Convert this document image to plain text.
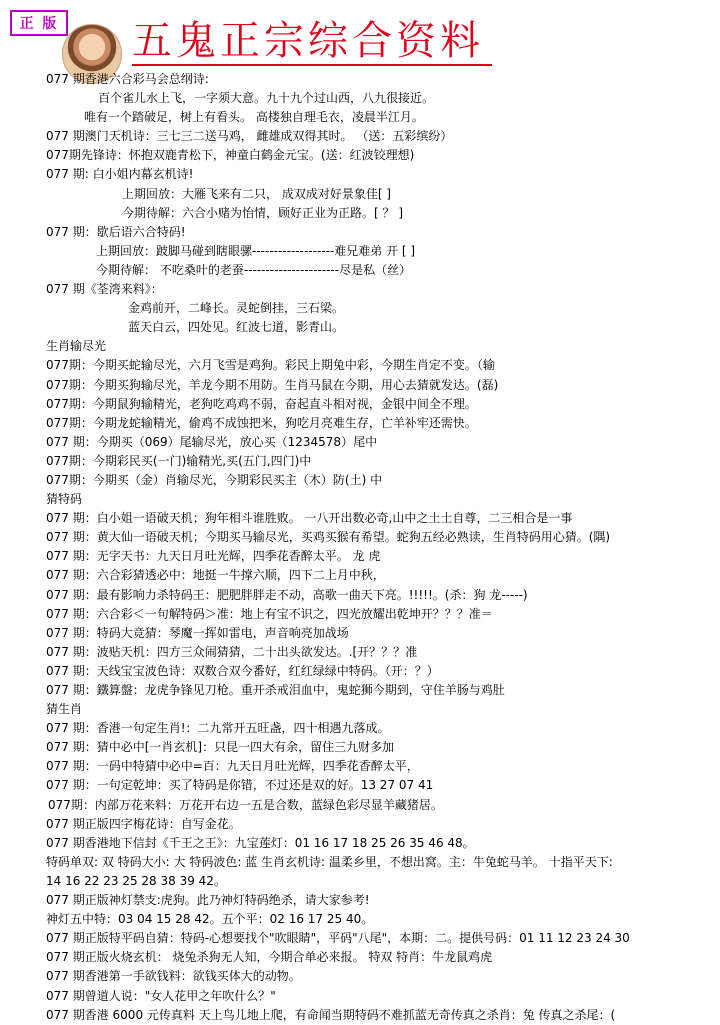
正 版 五鬼正宗综合资料
077 期香港六合彩马会总纲诗:
百个雀儿水上飞，一字须大意。九十九个过山西，八九很接近。
唯有一个踏破足，树上有看头。 高楼独自理毛衣，凌晨半江月。
077 期澳门天机诗：三七三二送马鸡， 雌雄成双得其时。 （送：五彩缤纷）
077期先锋诗：怀抱双鹿青松下，神童白鹤金元宝。(送：红波铰理想)
077 期: 白小姐内幕玄机诗!
上期回放：大雁飞来有二只， 成双成对好景象佳[ ]
今期待解：六合小赌为怡情，顾好正业为正路。[ ？ ]
077 期：歇后语六合特码!
上期回放：跛脚马碰到瞎眼骡-------------------难兄难弟 开 [ ]
今期待解： 不吃桑叶的老蚕----------------------尽是私（丝）
077 期《荃湾来料》：
金鸡前开，二峰长。灵蛇倒挂，三石梁。
蓝天白云，四处见。红波七道，影青山。
生肖输尽光
077期：今期买蛇输尽光，六月飞雪是鸡狗。彩民上期兔中彩，今期生肖定不变。（输
077期：今期买狗输尽光，羊龙今期不用防。生肖马鼠在今期，用心去猜就发达。(磊)
077期：今期鼠狗输精光，老狗吃鸡鸡不弱，奋起直斗相对视，金银中间全不理。
077期：今期龙蛇输精光，偷鸡不成蚀把米，狗吃月亮难生存，亡羊补牢还需快。
077 期：今期买（069）尾输尽光，放心买（1234578）尾中
077期：今期彩民买(一门)输精光,买(五门,四门)中
077期：今期买（金）肖输尽光，今期彩民买主（木）防(土) 中
猜特码
077 期：白小姐一语破天机；狗年相斗谁胜败。 一八开出数必奇,山中之土土自尊，二三相合是一事
077 期：黄大仙一语破天机；今期买马输尽光，买鸡买猴有希望。蛇狗五经必熟读，生肖特码用心猜。(隅)
077 期：无字天书：九天日月吐光辉，四季花香醉太平。 龙 虎
077 期：六合彩猜透必中：地挺一牛撑六顺，四下二上月中秋，
077 期：最有影响力杀特码王：肥肥胖胖走不动，高歌一曲天下亮。!!!!!。(杀：狗 龙-----)
077 期：六合彩＜一句解特码＞准：地上有宝不识之，四光放耀出乾坤开？？？准＝
077 期：特码大竞猜：琴魔一挥如雷电，声音响亮加战场
077 期：波贴天机：四方三众闹猜猜，二十出头欲发达。.[开？？？准
077 期：天线宝宝波色诗：双数合双今番好，红红绿绿中特码。（开：？）
077 期：鐵算盤：龙虎争锋见刀枪。重开杀戒泪血中，鬼蛇狮今期到，守住羊肠与鸡肚
猜生肖
077 期：香港一句定生肖!：二九常开五旺盏，四十相遇九落成。
077 期：猜中必中[一肖玄机]：只昆一四大有余，留住三九财多加
077 期：一码中特猜中必中=百：九天日月吐光辉，四季花香醉太平，
077 期：一句定乾坤：买了特码是你错，不过还是双的好。13 27 07 41
077期：内部万花来料：万花开右边一五是合数，蓝绿色彩尽显羊藏猪居。
077 期正版四字梅花诗：自写金花。
077 期香港地下信封《千王之王》：九宝莲灯：01 16 17 18 25 26 35 46 48。
特码单双: 双 特码大小: 大 特码波色: 蓝 生肖玄机诗: 温柔乡里，不想出窝。主：牛兔蛇马羊。 十指平天下:
14 16 22 23 25 28 38 39 42。
077 期正版神灯禁支:虎狗。此乃神灯特码绝杀，请大家参考!
神灯五中特：03 04 15 28 42。五个平：02 16 17 25 40。
077 期正版特平码自猜：特码-心想要找个"吹眼睛"，平码"八尾"，本期：二。提供号码：01 11 12 23 24 30
077 期正版火烧玄机： 烧兔杀狗无人知，今期合单必来报。 特双 特肖：牛龙鼠鸡虎
077 期香港第一手欲钱料：欲钱买体大的动物。
077 期曾道人说："女人花甲之年吹什么？"
077 期香港 6000 元传真料 天上鸟儿地上爬，有命闻当期特码不难抓蓝无奇传真之杀肖：兔 传真之杀尾：(
